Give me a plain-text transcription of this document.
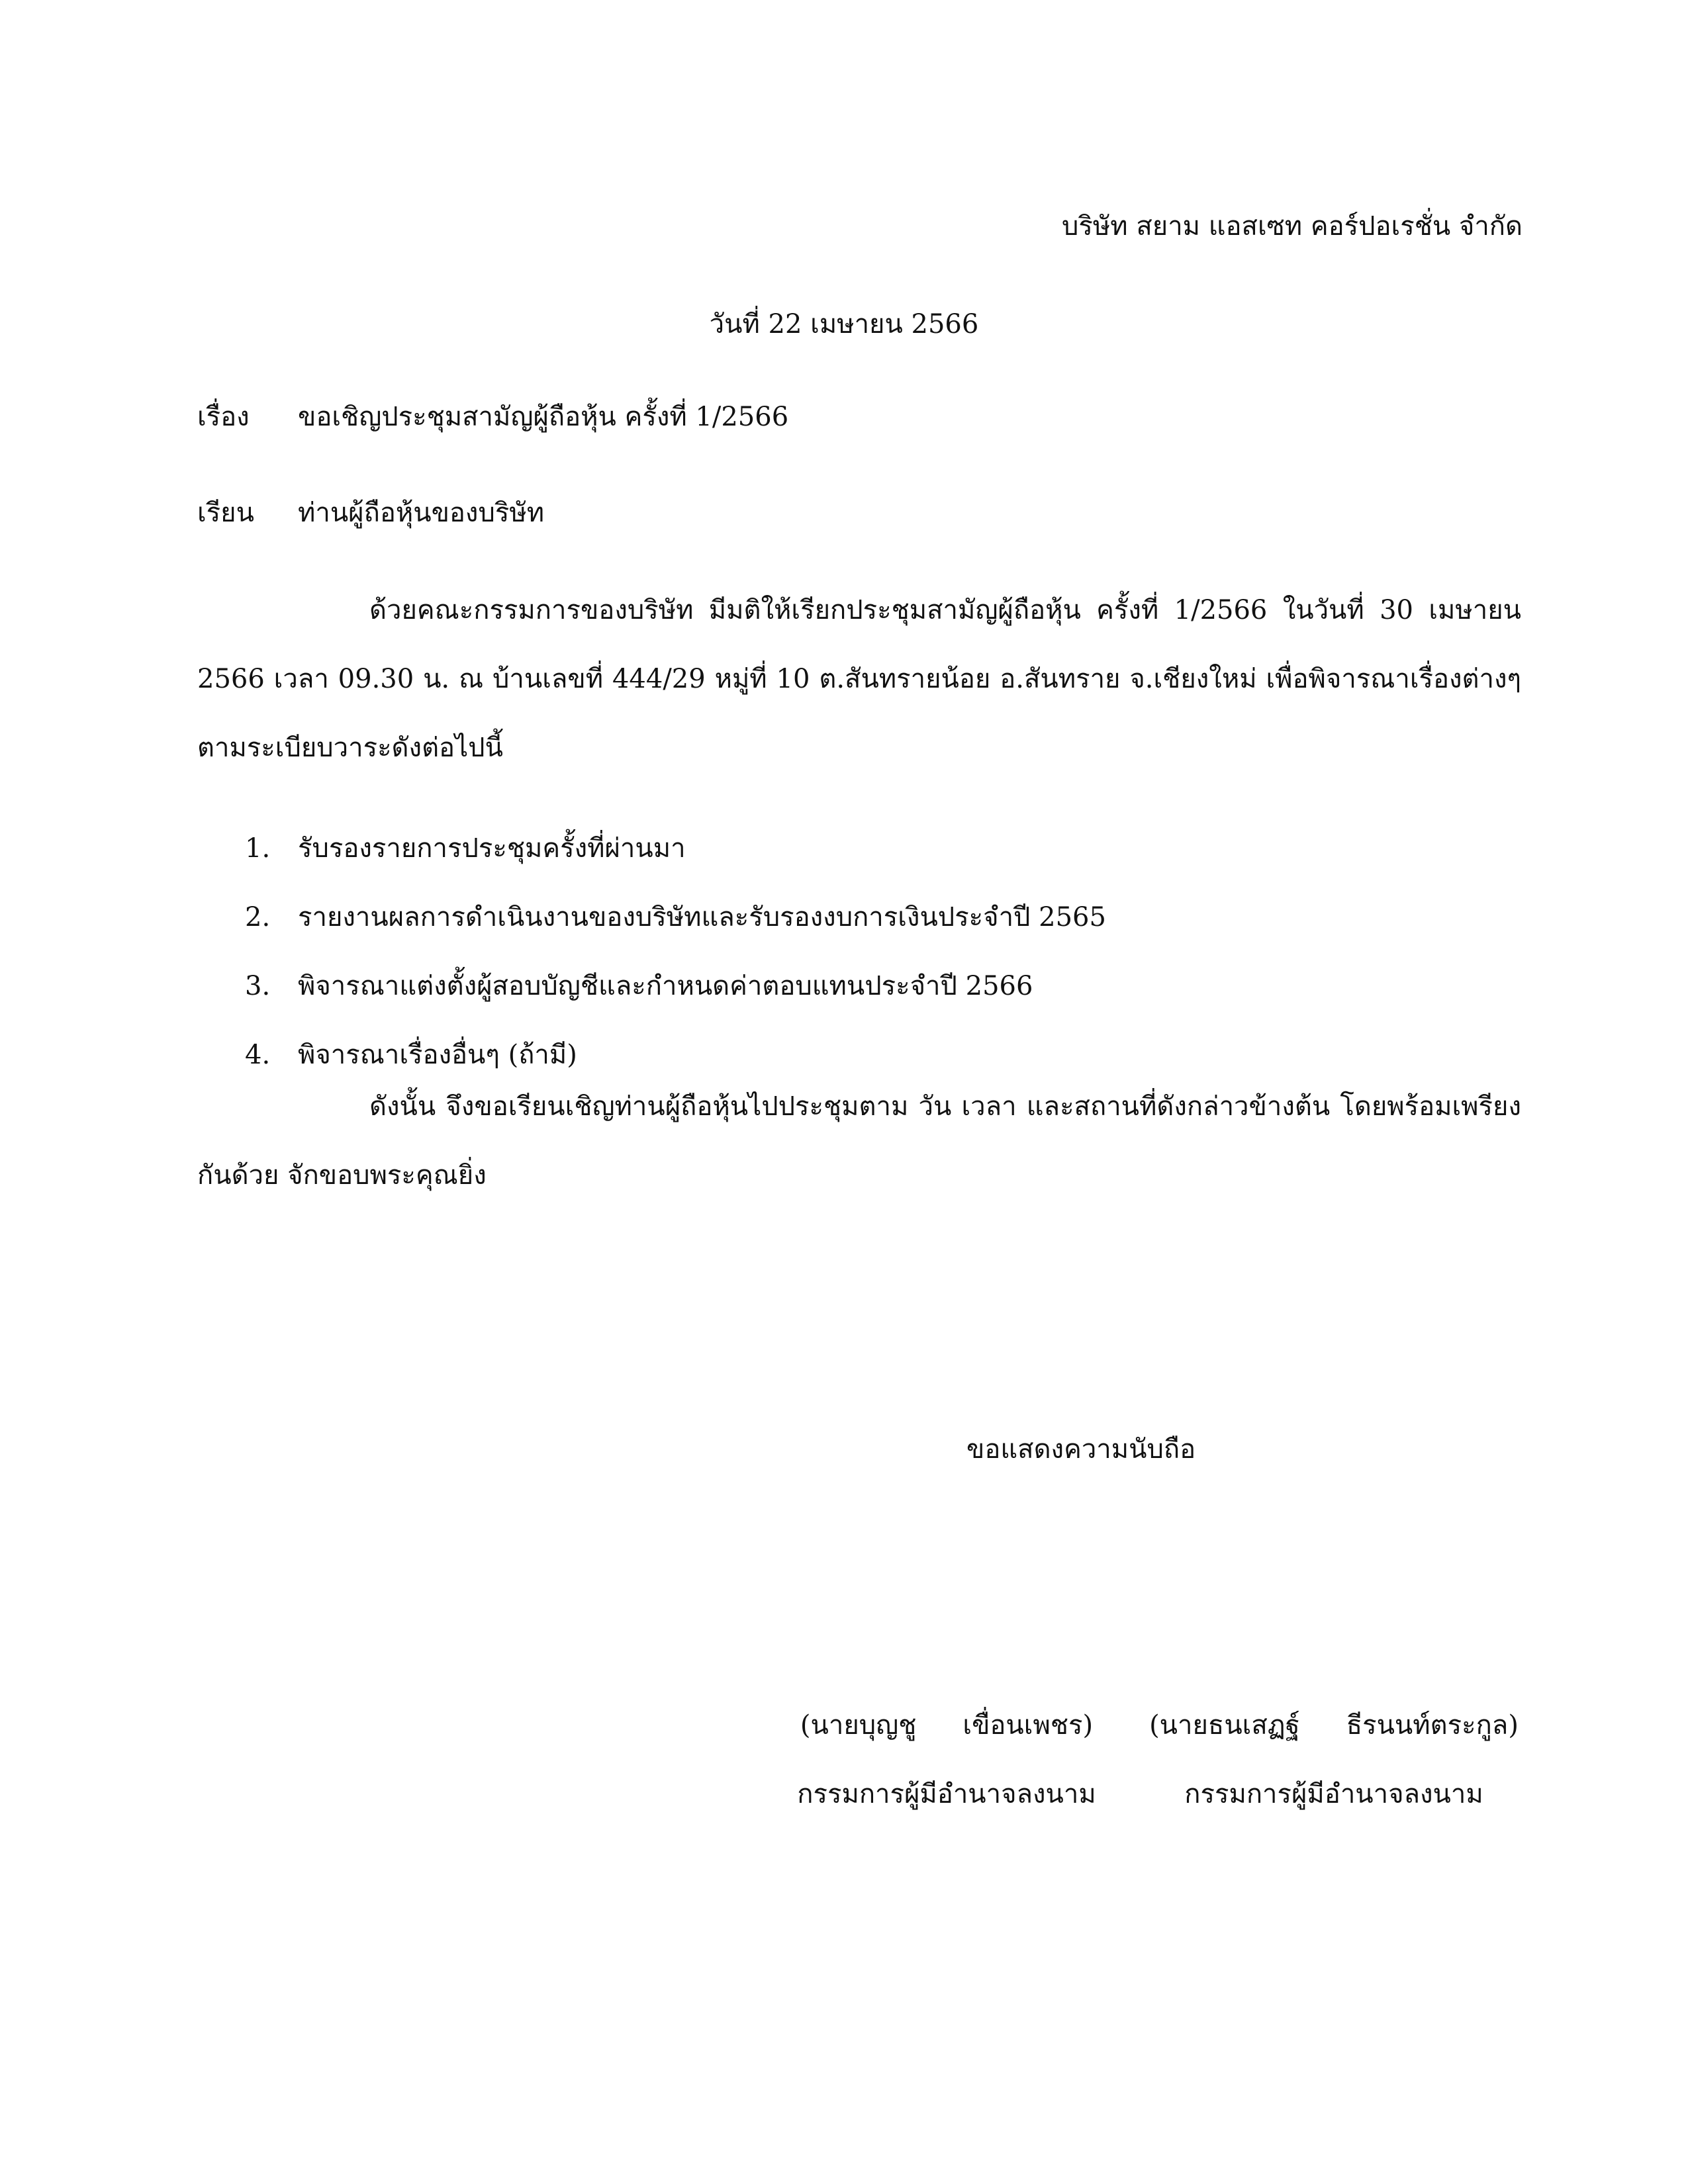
บริษัท สยาม แอสเซท คอร์ปอเรชั่น จำกัด
วันที่ 22 เมษายน 2566
เรื่อง ขอเชิญประชุมสามัญผู้ถือหุ้น ครั้งที่ 1/2566
เรียน ท่านผู้ถือหุ้นของบริษัท
ด้วยคณะกรรมการของบริษัท มีมติให้เรียกประชุมสามัญผู้ถือหุ้น ครั้งที่ 1/2566 ในวันที่ 30 เมษายน 2566 เวลา 09.30 น. ณ บ้านเลขที่ 444/29 หมู่ที่ 10 ต.สันทรายน้อย อ.สันทราย จ.เชียงใหม่ เพื่อพิจารณาเรื่องต่างๆ ตามระเบียบวาระดังต่อไปนี้
1. รับรองรายการประชุมครั้งที่ผ่านมา
2. รายงานผลการดำเนินงานของบริษัทและรับรองงบการเงินประจำปี 2565
3. พิจารณาแต่งตั้งผู้สอบบัญชีและกำหนดค่าตอบแทนประจำปี 2566
4. พิจารณาเรื่องอื่นๆ (ถ้ามี)
ดังนั้น จึงขอเรียนเชิญท่านผู้ถือหุ้นไปประชุมตาม วัน เวลา และสถานที่ดังกล่าวข้างต้น โดยพร้อมเพรียงกันด้วย จักขอบพระคุณยิ่ง
ขอแสดงความนับถือ
(นายบุญชู เขื่อนเพชร)
กรรมการผู้มีอำนาจลงนาม
(นายธนเสฏฐ์ ธีรนนท์ตระกูล)
กรรมการผู้มีอำนาจลงนาม
